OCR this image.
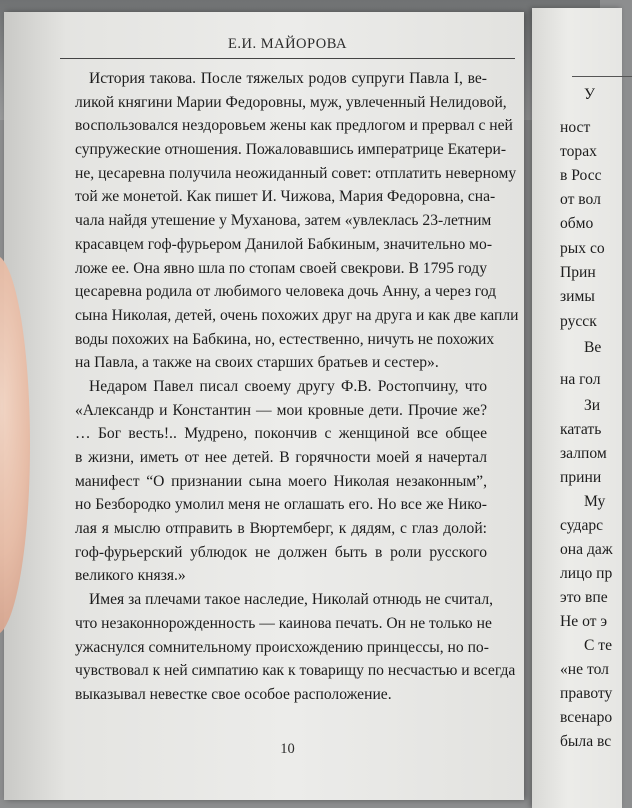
У
ност
торах
в Росс
от вол
обмо
рых со
Прин
зимы
русск
Ве
на гол
Зи
катать
залпом
прини
Му
сударс
она даж
лицо пр
это впе
Не от э
С те
«не тол
правоту
всенаро
была вс
Е.И. МАЙОРОВА
История такова. После тяжелых родов супруги Павла I, ве-
ликой княгини Марии Федоровны, муж, увлеченный Нелидовой,
воспользовался нездоровьем жены как предлогом и прервал с ней
супружеские отношения. Пожаловавшись императрице Екатери-
не, цесаревна получила неожиданный совет: отплатить неверному
той же монетой. Как пишет И. Чижова, Мария Федоровна, сна-
чала найдя утешение у Муханова, затем «увлеклась 23-летним
красавцем гоф-фурьером Данилой Бабкиным, значительно мо-
ложе ее. Она явно шла по стопам своей свекрови. В 1795 году
цесаревна родила от любимого человека дочь Анну, а через год
сына Николая, детей, очень похожих друг на друга и как две капли
воды похожих на Бабкина, но, естественно, ничуть не похожих
на Павла, а также на своих старших братьев и сестер».
Недаром Павел писал своему другу Ф.В. Ростопчину, что
«Александр и Константин — мои кровные дети. Прочие же?
… Бог весть!.. Мудрено, покончив с женщиной все общее
в жизни, иметь от нее детей. В горячности моей я начертал
манифест “О признании сына моего Николая незаконным”,
но Безбородко умолил меня не оглашать его. Но все же Нико-
лая я мыслю отправить в Вюртемберг, к дядям, с глаз долой:
гоф-фурьерский ублюдок не должен быть в роли русского
великого князя.»
Имея за плечами такое наследие, Николай отнюдь не считал,
что незаконнорожденность — каинова печать. Он не только не
ужаснулся сомнительному происхождению принцессы, но по-
чувствовал к ней симпатию как к товарищу по несчастью и всегда
выказывал невестке свое особое расположение.
10
